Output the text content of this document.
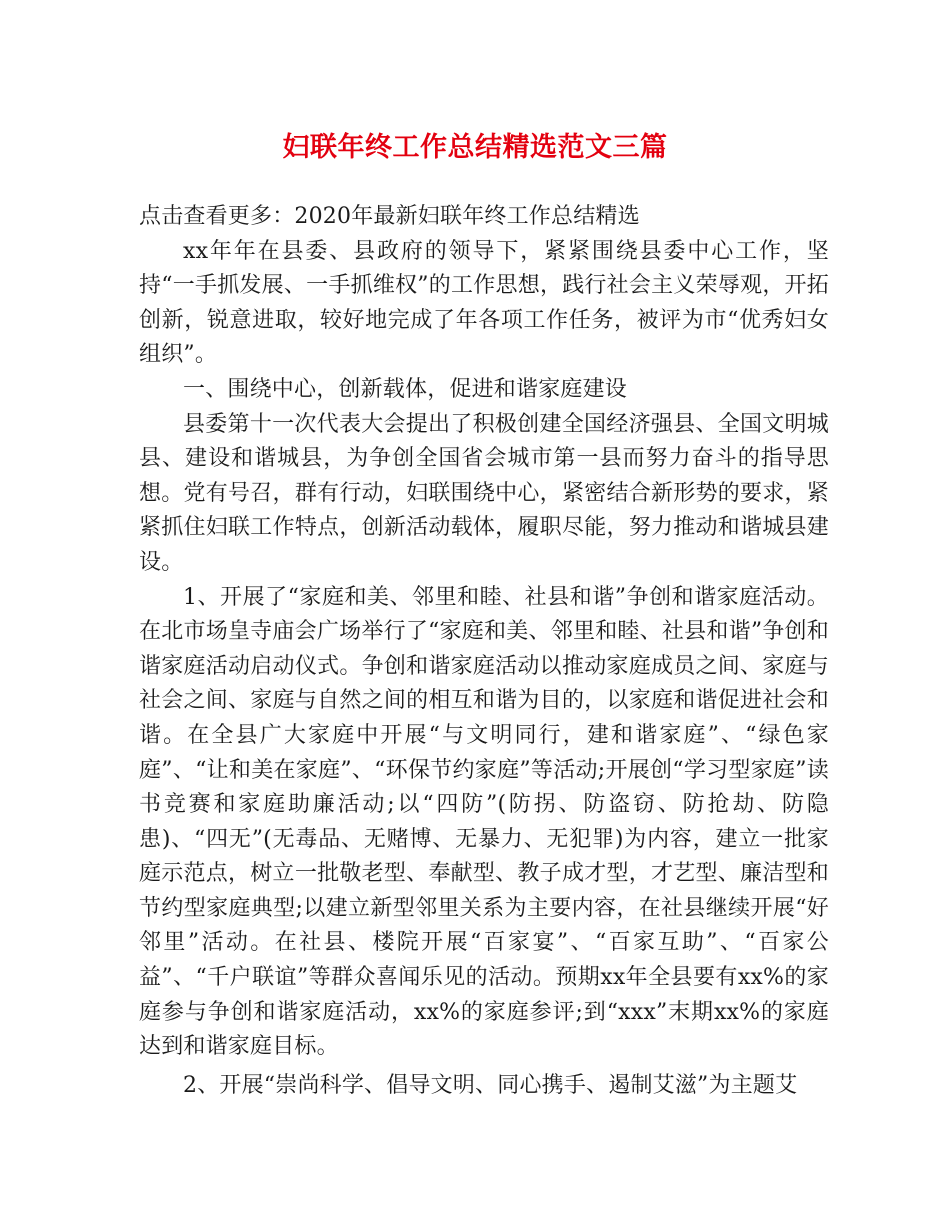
妇联年终工作总结精选范文三篇

点击查看更多：2020年最新妇联年终工作总结精选

xx年年在县委、县政府的领导下，紧紧围绕县委中心工作，坚持“一手抓发展、一手抓维权”的工作思想，践行社会主义荣辱观，开拓创新，锐意进取，较好地完成了年各项工作任务，被评为市“优秀妇女组织”。

一、围绕中心，创新载体，促进和谐家庭建设

县委第十一次代表大会提出了积极创建全国经济强县、全国文明城县、建设和谐城县，为争创全国省会城市第一县而努力奋斗的指导思想。党有号召，群有行动，妇联围绕中心，紧密结合新形势的要求，紧紧抓住妇联工作特点，创新活动载体，履职尽能，努力推动和谐城县建设。

1、开展了“家庭和美、邻里和睦、社县和谐”争创和谐家庭活动。在北市场皇寺庙会广场举行了“家庭和美、邻里和睦、社县和谐”争创和谐家庭活动启动仪式。争创和谐家庭活动以推动家庭成员之间、家庭与社会之间、家庭与自然之间的相互和谐为目的，以家庭和谐促进社会和谐。在全县广大家庭中开展“与文明同行，建和谐家庭”、“绿色家庭”、“让和美在家庭”、“环保节约家庭”等活动;开展创“学习型家庭”读书竞赛和家庭助廉活动;以“四防”(防拐、防盗窃、防抢劫、防隐患)、“四无”(无毒品、无赌博、无暴力、无犯罪)为内容，建立一批家庭示范点，树立一批敬老型、奉献型、教子成才型，才艺型、廉洁型和节约型家庭典型;以建立新型邻里关系为主要内容，在社县继续开展“好邻里”活动。在社县、楼院开展“百家宴”、“百家互助”、“百家公益”、“千户联谊”等群众喜闻乐见的活动。预期xx年全县要有xx%的家庭参与争创和谐家庭活动，xx%的家庭参评;到“xxx”末期xx%的家庭达到和谐家庭目标。

2、开展“崇尚科学、倡导文明、同心携手、遏制艾滋”为主题艾
